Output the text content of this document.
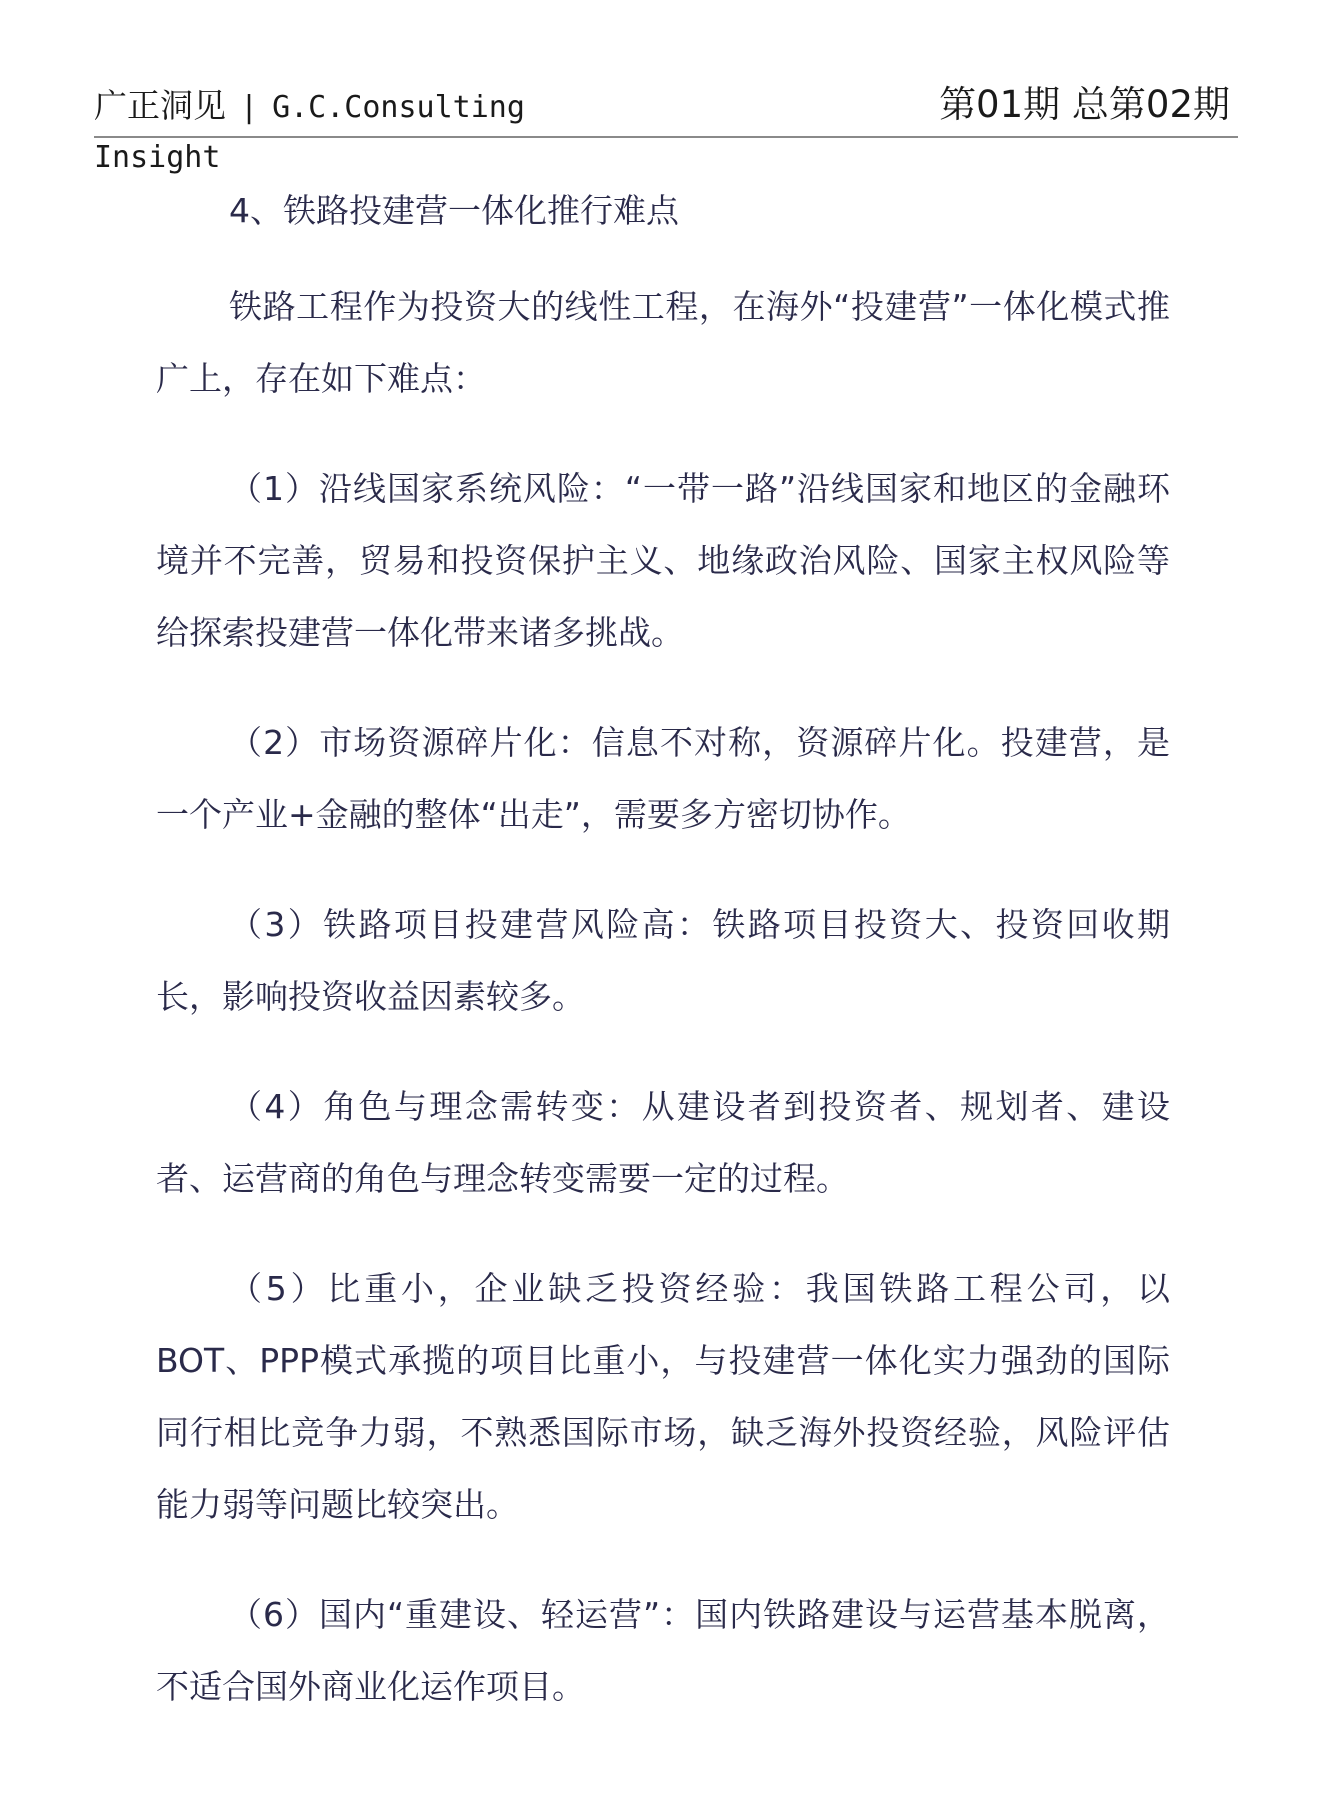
广正洞见 | G.C.Consulting	第01期 总第02期
Insight
4、铁路投建营一体化推行难点

铁路工程作为投资大的线性工程，在海外“投建营”一体化模式推广上，存在如下难点：

（1）沿线国家系统风险：“一带一路”沿线国家和地区的金融环境并不完善，贸易和投资保护主义、地缘政治风险、国家主权风险等给探索投建营一体化带来诸多挑战。

（2）市场资源碎片化：信息不对称，资源碎片化。投建营，是一个产业+金融的整体“出走”，需要多方密切协作。

（3）铁路项目投建营风险高：铁路项目投资大、投资回收期长，影响投资收益因素较多。

（4）角色与理念需转变：从建设者到投资者、规划者、建设者、运营商的角色与理念转变需要一定的过程。

（5）比重小，企业缺乏投资经验：我国铁路工程公司，以BOT、PPP模式承揽的项目比重小，与投建营一体化实力强劲的国际同行相比竞争力弱，不熟悉国际市场，缺乏海外投资经验，风险评估能力弱等问题比较突出。

（6）国内“重建设、轻运营”：国内铁路建设与运营基本脱离，不适合国外商业化运作项目。
